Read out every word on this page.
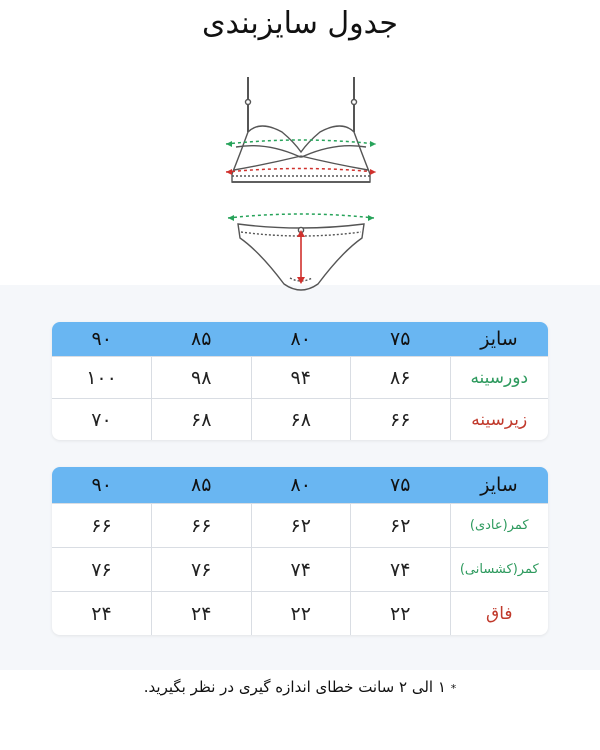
جدول سایزبندی
سایز	۷۵	۸۰	۸۵	۹۰
دورسینه	۸۶	۹۴	۹۸	۱۰۰
زیرسینه	۶۶	۶۸	۶۸	۷۰
سایز	۷۵	۸۰	۸۵	۹۰
کمر(عادی)	۶۲	۶۲	۶۶	۶۶
کمر(کشسانی)	۷۴	۷۴	۷۶	۷۶
فاق	۲۲	۲۲	۲۴	۲۴
* ۱ الی ۲ سانت خطای اندازه گیری در نظر بگیرید.
